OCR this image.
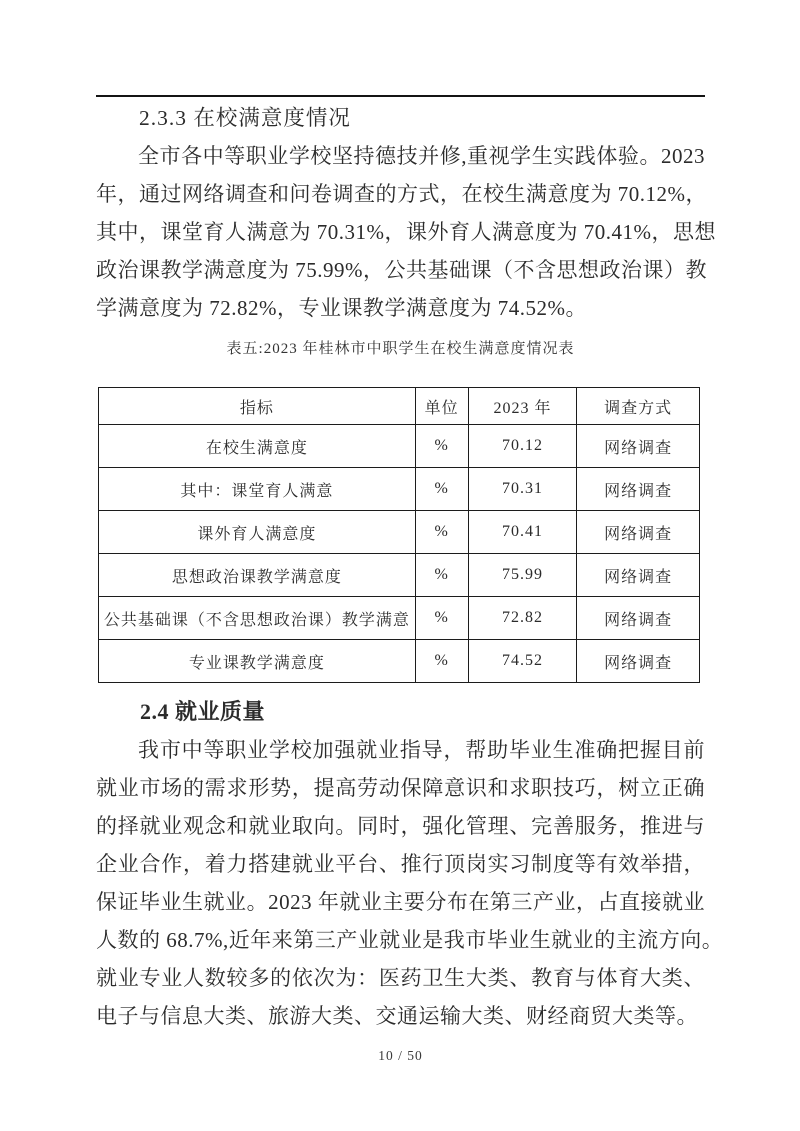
2.3.3 在校满意度情况
全市各中等职业学校坚持德技并修,重视学生实践体验。2023
年，通过网络调查和问卷调查的方式，在校生满意度为 70.12%，
其中，课堂育人满意为 70.31%，课外育人满意度为 70.41%，思想
政治课教学满意度为 75.99%，公共基础课（不含思想政治课）教
学满意度为 72.82%，专业课教学满意度为 74.52%。
表五:2023 年桂林市中职学生在校生满意度情况表
指标	单位	2023 年	调查方式
在校生满意度	%	70.12	网络调查
其中：课堂育人满意	%	70.31	网络调查
课外育人满意度	%	70.41	网络调查
思想政治课教学满意度	%	75.99	网络调查
公共基础课（不含思想政治课）教学满意	%	72.82	网络调查
专业课教学满意度	%	74.52	网络调查
2.4 就业质量
我市中等职业学校加强就业指导，帮助毕业生准确把握目前
就业市场的需求形势，提高劳动保障意识和求职技巧，树立正确
的择就业观念和就业取向。同时，强化管理、完善服务，推进与
企业合作，着力搭建就业平台、推行顶岗实习制度等有效举措，
保证毕业生就业。2023 年就业主要分布在第三产业，占直接就业
人数的 68.7%,近年来第三产业就业是我市毕业生就业的主流方向。
就业专业人数较多的依次为：医药卫生大类、教育与体育大类、
电子与信息大类、旅游大类、交通运输大类、财经商贸大类等。
10 / 50
